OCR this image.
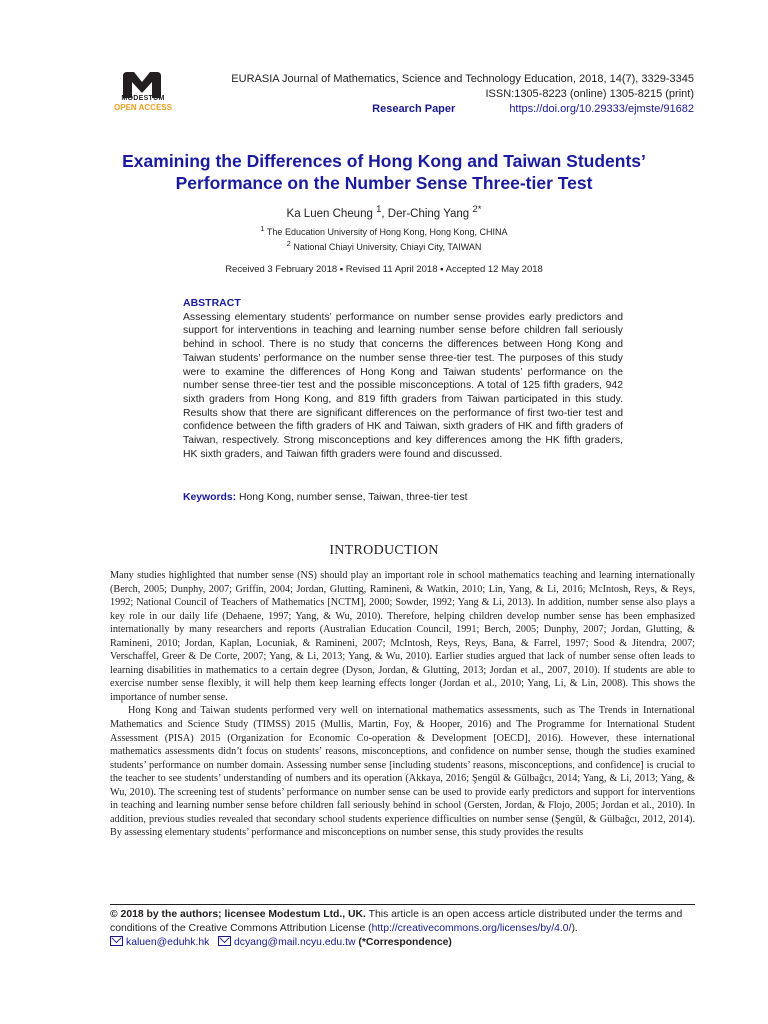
MODESTUM
OPEN ACCESS
EURASIA Journal of Mathematics, Science and Technology Education, 2018, 14(7), 3329-3345
ISSN:1305-8223 (online) 1305-8215 (print)
Research Paper	https://doi.org/10.29333/ejmste/91682
Examining the Differences of Hong Kong and Taiwan Students’
Performance on the Number Sense Three-tier Test
Ka Luen Cheung $^1$, Der-Ching Yang $^{2*}$
$^1$ The Education University of Hong Kong, Hong Kong, CHINA
$^2$ National Chiayi University, Chiayi City, TAIWAN
Received 3 February 2018 ▪ Revised 11 April 2018 ▪ Accepted 12 May 2018
ABSTRACT
Assessing elementary students’ performance on number sense provides early predictors and support for interventions in teaching and learning number sense before children fall seriously behind in school. There is no study that concerns the differences between Hong Kong and Taiwan students’ performance on the number sense three-tier test. The purposes of this study were to examine the differences of Hong Kong and Taiwan students’ performance on the number sense three-tier test and the possible misconceptions. A total of 125 fifth graders, 942 sixth graders from Hong Kong, and 819 fifth graders from Taiwan participated in this study. Results show that there are significant differences on the performance of first two-tier test and confidence between the fifth graders of HK and Taiwan, sixth graders of HK and fifth graders of Taiwan, respectively. Strong misconceptions and key differences among the HK fifth graders, HK sixth graders, and Taiwan fifth graders were found and discussed.
Keywords: Hong Kong, number sense, Taiwan, three-tier test
INTRODUCTION

Many studies highlighted that number sense (NS) should play an important role in school mathematics teaching and learning internationally (Berch, 2005; Dunphy, 2007; Griffin, 2004; Jordan, Glutting, Ramineni, & Watkin, 2010; Lin, Yang, & Li, 2016; McIntosh, Reys, & Reys, 1992; National Council of Teachers of Mathematics [NCTM], 2000; Sowder, 1992; Yang & Li, 2013). In addition, number sense also plays a key role in our daily life (Dehaene, 1997; Yang, & Wu, 2010). Therefore, helping children develop number sense has been emphasized internationally by many researchers and reports (Australian Education Council, 1991; Berch, 2005; Dunphy, 2007; Jordan, Glutting, & Ramineni, 2010; Jordan, Kaplan, Locuniak, & Ramineni, 2007; McIntosh, Reys, Reys, Bana, & Farrel, 1997; Sood & Jitendra, 2007; Verschaffel, Greer & De Corte, 2007; Yang, & Li, 2013; Yang, & Wu, 2010). Earlier studies argued that lack of number sense often leads to learning disabilities in mathematics to a certain degree (Dyson, Jordan, & Glutting, 2013; Jordan et al., 2007, 2010). If students are able to exercise number sense flexibly, it will help them keep learning effects longer (Jordan et al., 2010; Yang, Li, & Lin, 2008). This shows the importance of number sense.

Hong Kong and Taiwan students performed very well on international mathematics assessments, such as The Trends in International Mathematics and Science Study (TIMSS) 2015 (Mullis, Martin, Foy, & Hooper, 2016) and The Programme for International Student Assessment (PISA) 2015 (Organization for Economic Co-operation & Development [OECD], 2016). However, these international mathematics assessments didn’t focus on students’ reasons, misconceptions, and confidence on number sense, though the studies examined students’ performance on number domain. Assessing number sense [including students’ reasons, misconceptions, and confidence] is crucial to the teacher to see students’ understanding of numbers and its operation (Akkaya, 2016; Şengül & Gülbağcı, 2014; Yang, & Li, 2013; Yang, & Wu, 2010). The screening test of students’ performance on number sense can be used to provide early predictors and support for interventions in teaching and learning number sense before children fall seriously behind in school (Gersten, Jordan, & Flojo, 2005; Jordan et al., 2010). In addition, previous studies revealed that secondary school students experience difficulties on number sense (Şengül, & Gülbağcı, 2012, 2014). By assessing elementary students’ performance and misconceptions on number sense, this study provides the results

© 2018 by the authors; licensee Modestum Ltd., UK. This article is an open access article distributed under the terms and conditions of the Creative Commons Attribution License (http://creativecommons.org/licenses/by/4.0/).
kaluen@eduhk.hk dcyang@mail.ncyu.edu.tw (*Correspondence)
